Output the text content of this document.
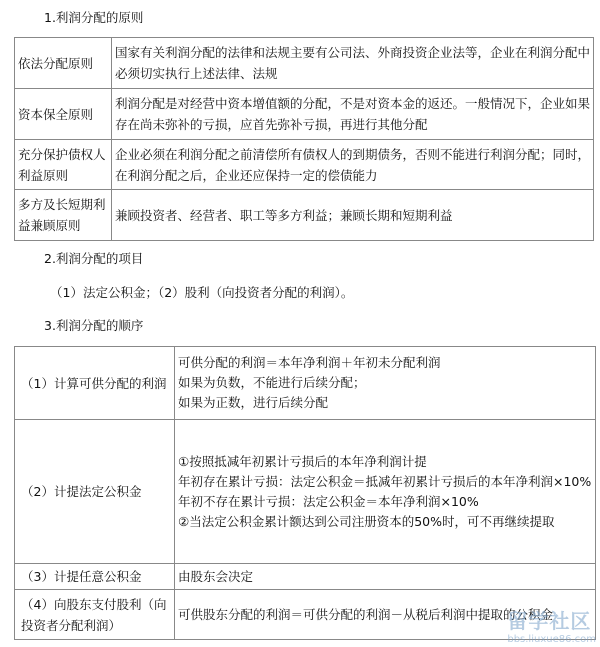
1.利润分配的原则
依法分配原则	国家有关利润分配的法律和法规主要有公司法、外商投资企业法等，企业在利润分配中必须切实执行上述法律、法规
资本保全原则	利润分配是对经营中资本增值额的分配，不是对资本金的返还。一般情况下，企业如果存在尚未弥补的亏损，应首先弥补亏损，再进行其他分配
充分保护债权人利益原则	企业必须在利润分配之前清偿所有债权人的到期债务，否则不能进行利润分配；同时，在利润分配之后，企业还应保持一定的偿债能力
多方及长短期利益兼顾原则	兼顾投资者、经营者、职工等多方利益；兼顾长期和短期利益
2.利润分配的项目
（1）法定公积金；（2）股利（向投资者分配的利润）。
3.利润分配的顺序
（1）计算可供分配的利润	可供分配的利润＝本年净利润＋年初未分配利润
如果为负数，不能进行后续分配；
如果为正数，进行后续分配

（2）计提法定公积金	①按照抵减年初累计亏损后的本年净利润计提
年初存在累计亏损：法定公积金＝抵减年初累计亏损后的本年净利润×10%
年初不存在累计亏损：法定公积金＝本年净利润×10%
②当法定公积金累计额达到公司注册资本的50%时，可不再继续提取

（3）计提任意公积金	由股东会决定

（4）向股东支付股利（向投资者分配利润）	可供股东分配的利润＝可供分配的利润－从税后利润中提取的公积金
留学社区
bbs.liuxue86.com
